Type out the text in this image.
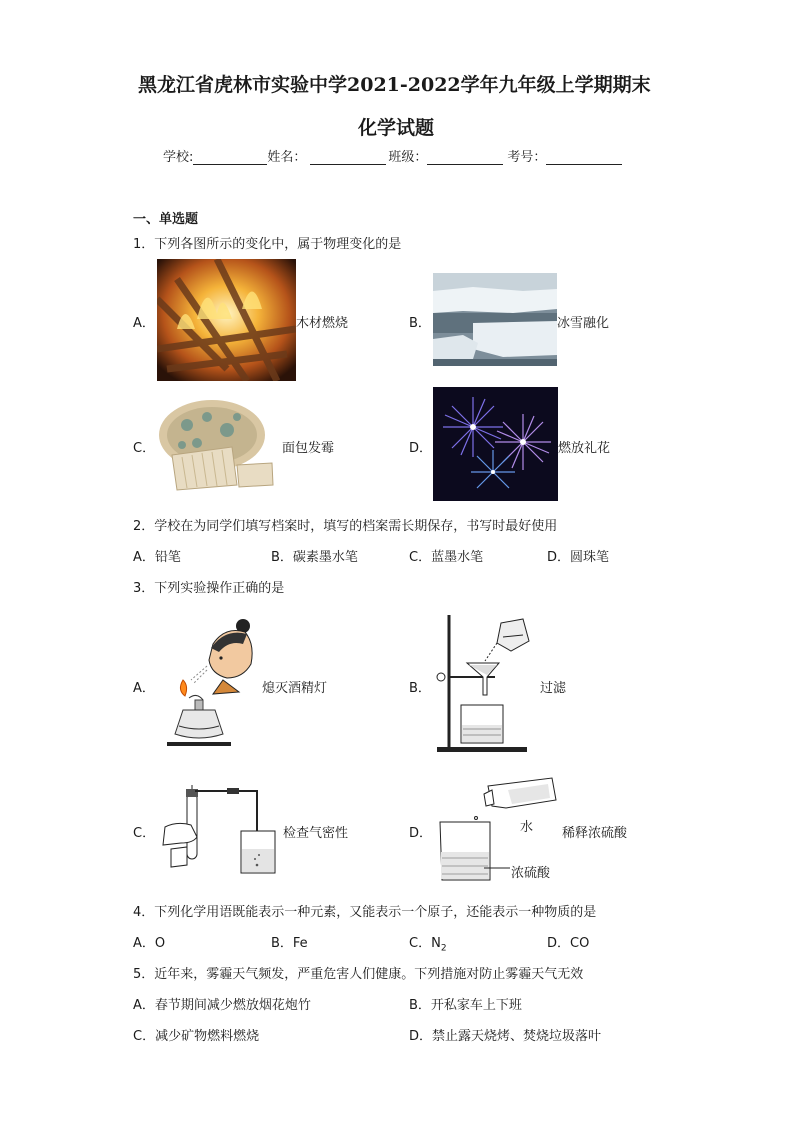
黑龙江省虎林市实验中学2021-2022学年九年级上学期期末
化学试题
学校:	姓名：	班级：	考号：
一、单选题
1．下列各图所示的变化中，属于物理变化的是
A．	木材燃烧	B．	冰雪融化
C．	面包发霉	D．	燃放礼花
2．学校在为同学们填写档案时，填写的档案需长期保存，书写时最好使用
A．铅笔	B．碳素墨水笔	C．蓝墨水笔	D．圆珠笔
3．下列实验操作正确的是
A．	熄灭酒精灯	B．	过滤
C．	检查气密性	D．	水 稀释浓硫酸
浓硫酸
4．下列化学用语既能表示一种元素，又能表示一个原子，还能表示一种物质的是
A．O	B．Fe	C．$N_2$	D．CO
5．近年来，雾霾天气频发，严重危害人们健康。下列措施对防止雾霾天气无效
A．春节期间减少燃放烟花炮竹	B．开私家车上下班
C．减少矿物燃料燃烧	D．禁止露天烧烤、焚烧垃圾落叶
